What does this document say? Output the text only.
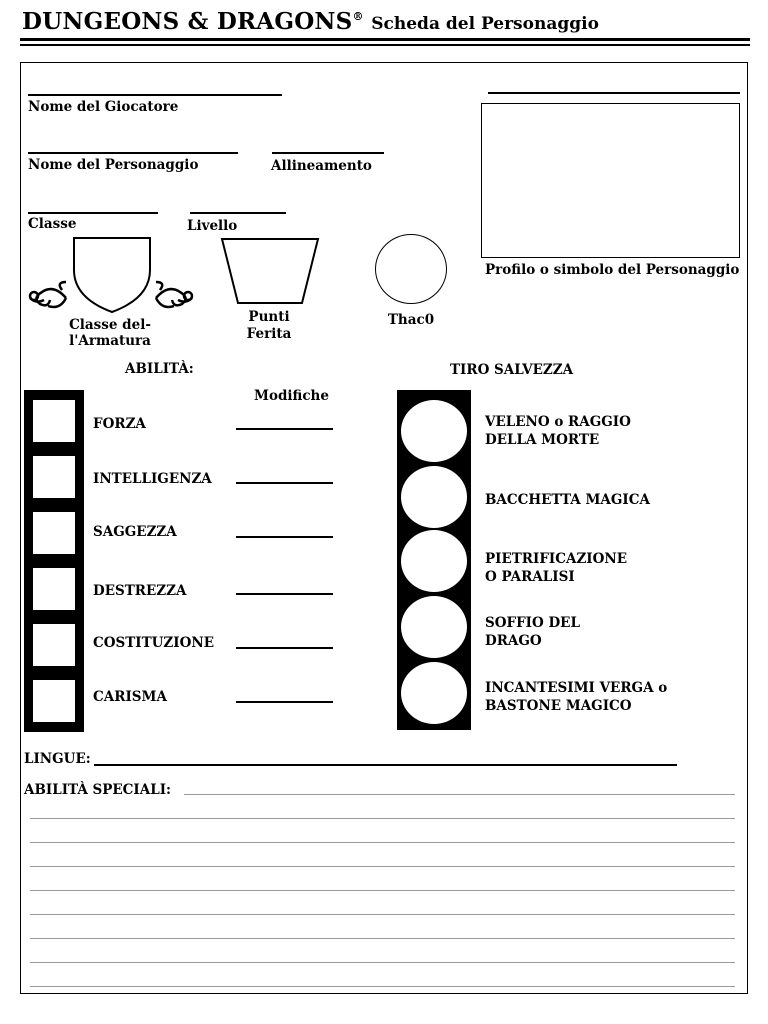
DUNGEONS & DRAGONS® Scheda del Personaggio
Nome del Giocatore
Nome del Personaggio	Allineamento
Profilo o simbolo del Personaggio
Classe	Livello
Classe del-
l'Armatura
Punti
Ferita
Thac0
ABILITÀ:
Modifiche
FORZA
INTELLIGENZA
SAGGEZZA
DESTREZZA
COSTITUZIONE
CARISMA
TIRO SALVEZZA
VELENO o RAGGIO
DELLA MORTE
BACCHETTA MAGICA
PIETRIFICAZIONE
O PARALISI
SOFFIO DEL
DRAGO
INCANTESIMI VERGA o
BASTONE MAGICO
LINGUE:
ABILITÀ SPECIALI:
